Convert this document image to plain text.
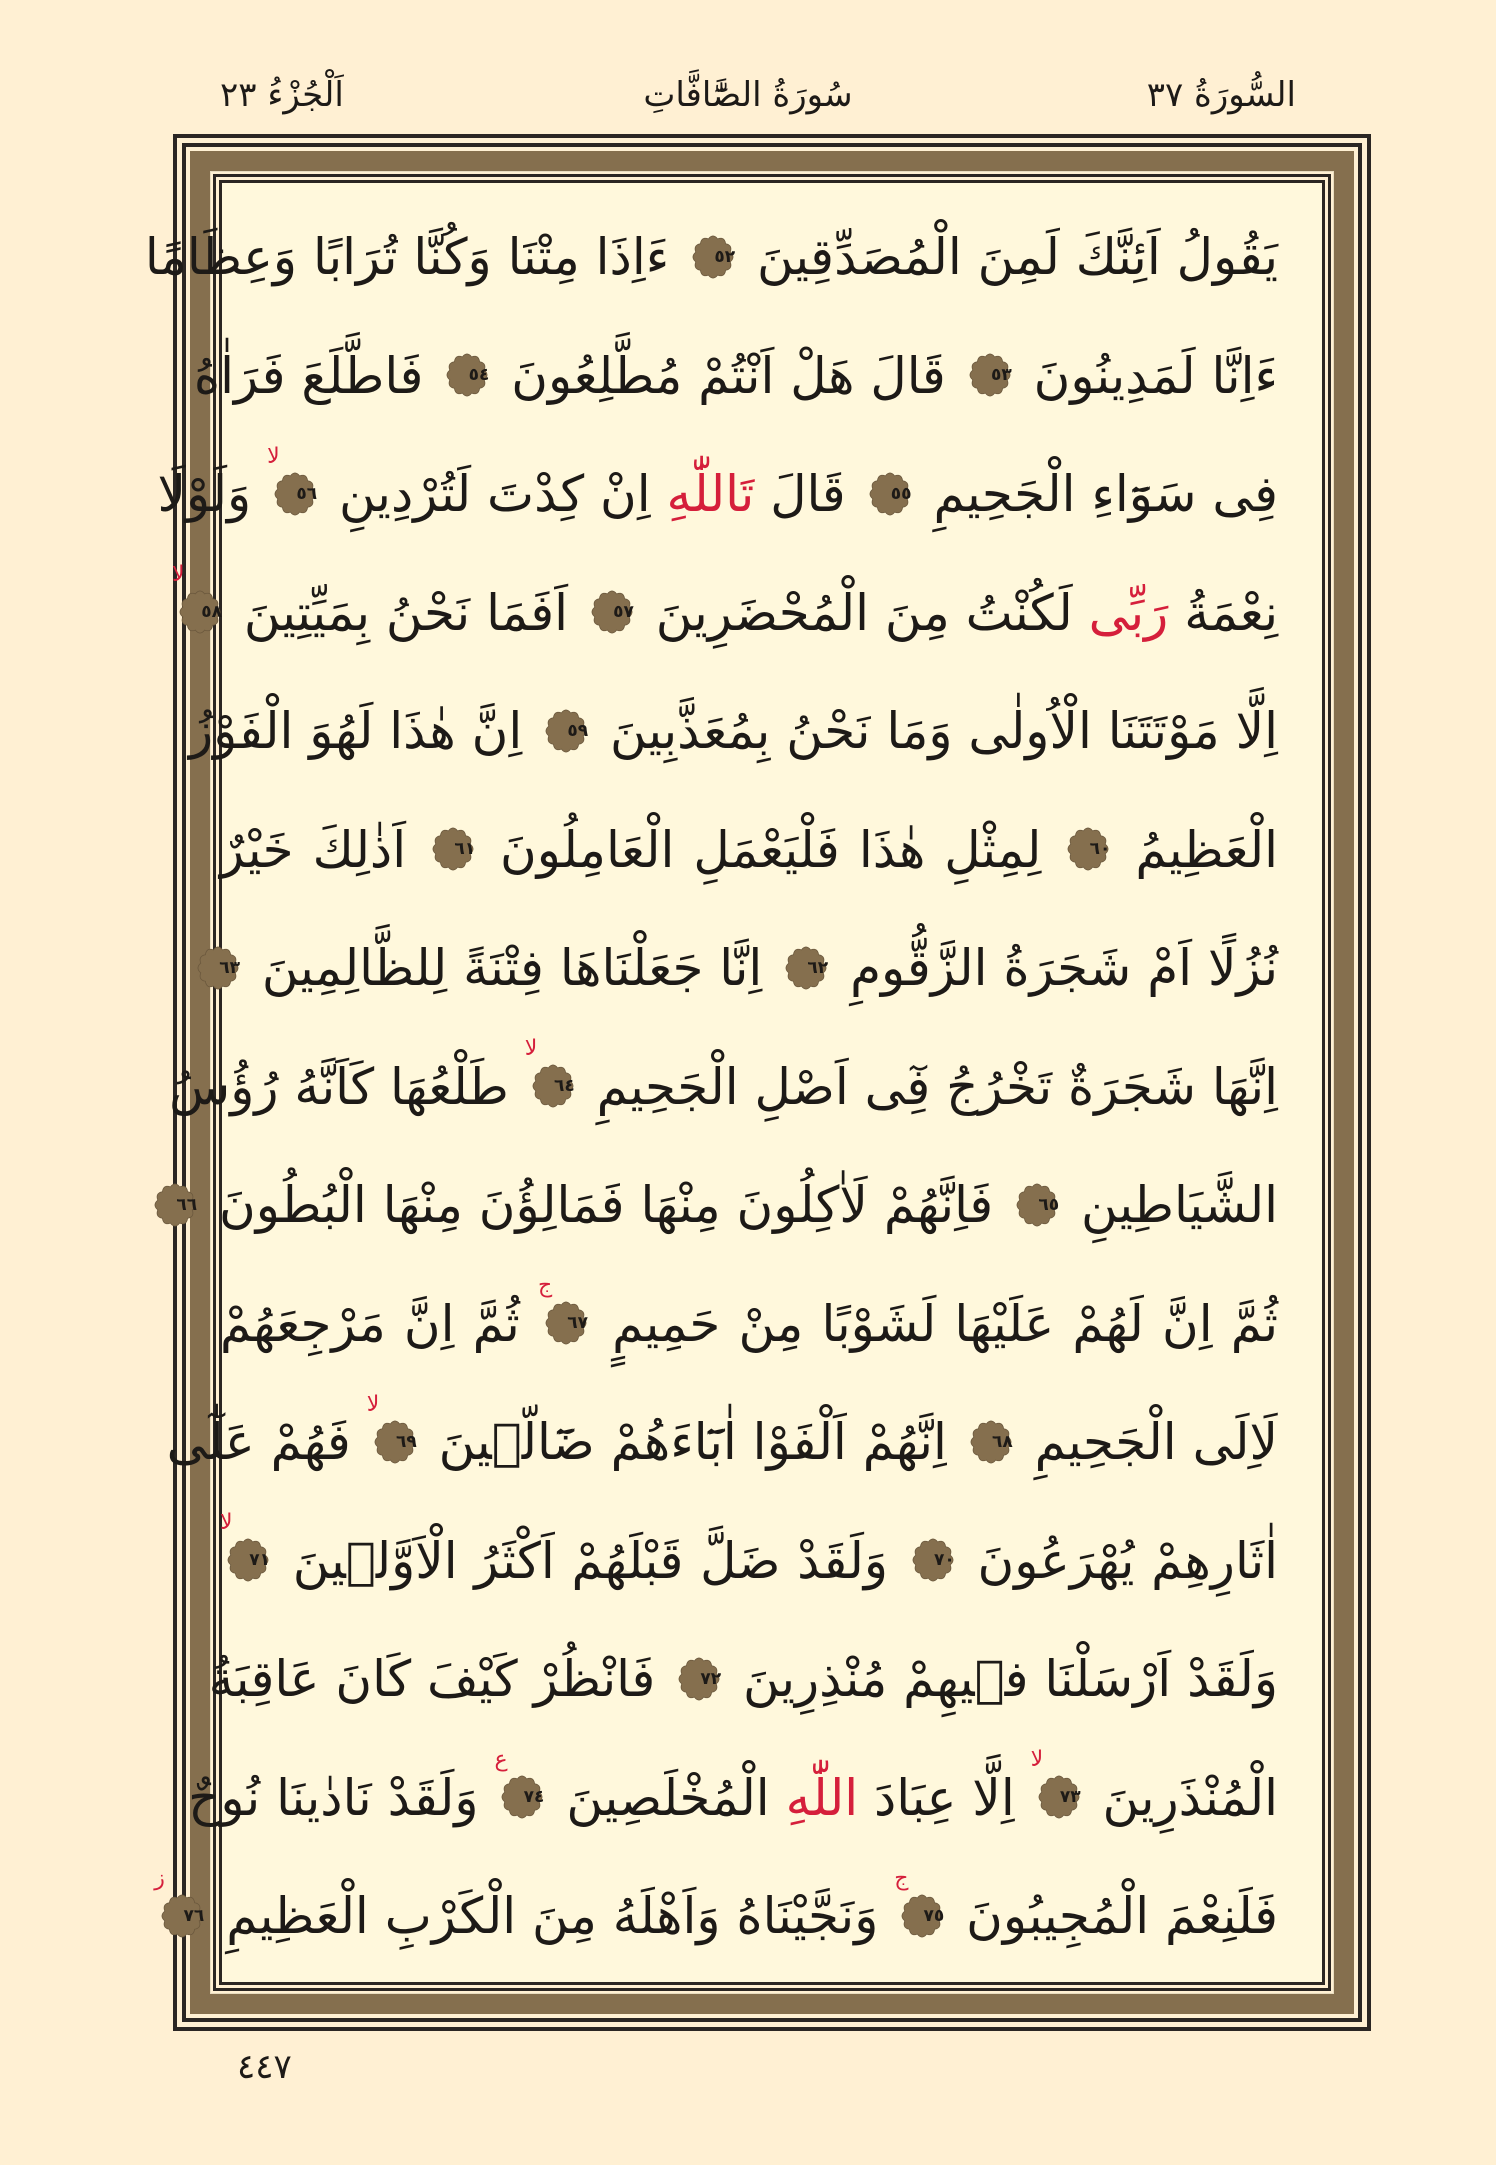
السُّورَةُ ٣٧
سُورَةُ الصَّٰٓافَّاتِ
اَلْجُزْءُ ٢٣
يَقُولُ اَئِنَّكَ لَمِنَ الْمُصَدِّقِينَ
٥٢
ءَاِذَا مِتْنَا وَكُنَّا تُرَابًا وَعِظَامًا
ءَاِنَّا لَمَدِينُونَ
٥٣
قَالَ هَلْ اَنْتُمْ مُطَّلِعُونَ
٥٤
فَاطَّلَعَ فَرَاٰهُ
فِى سَوَٓاءِ الْجَحِيمِ
٥٥
قَالَ تَاللّٰهِ اِنْ كِدْتَ لَتُرْدِينِ
٥٦
لا
وَلَوْلَا
نِعْمَةُ رَبِّى لَكُنْتُ مِنَ الْمُحْضَرِينَ
٥٧
اَفَمَا نَحْنُ بِمَيِّتِينَ
٥٨
لا
اِلَّا مَوْتَتَنَا الْاُولٰى وَمَا نَحْنُ بِمُعَذَّبِينَ
٥٩
اِنَّ هٰذَا لَهُوَ الْفَوْزُ
الْعَظِيمُ
٦٠
لِمِثْلِ هٰذَا فَلْيَعْمَلِ الْعَامِلُونَ
٦١
اَذٰلِكَ خَيْرٌ
نُزُلًا اَمْ شَجَرَةُ الزَّقُّومِ
٦٢
اِنَّا جَعَلْنَاهَا فِتْنَةً لِلظَّالِمِينَ
٦٣
اِنَّهَا شَجَرَةٌ تَخْرُجُ فِٓى اَصْلِ الْجَحِيمِ
٦٤
لا
طَلْعُهَا كَاَنَّهُ رُؤُسُ
الشَّيَاطِينِ
٦٥
فَاِنَّهُمْ لَاٰكِلُونَ مِنْهَا فَمَالِؤُنَ مِنْهَا الْبُطُونَ
٦٦
ثُمَّ اِنَّ لَهُمْ عَلَيْهَا لَشَوْبًا مِنْ حَمِيمٍ
٦٧
ج
ثُمَّ اِنَّ مَرْجِعَهُمْ
لَاِلَى الْجَحِيمِ
٦٨
اِنَّهُمْ اَلْفَوْا اٰبَٓاءَهُمْ ضَٓالّ۪ينَ
٦٩
لا
فَهُمْ عَلٰٓى
اٰثَارِهِمْ يُهْرَعُونَ
٧٠
وَلَقَدْ ضَلَّ قَبْلَهُمْ اَكْثَرُ الْاَوَّل۪ينَ
٧١
لا
وَلَقَدْ اَرْسَلْنَا ف۪يهِمْ مُنْذِرِينَ
٧٢
فَانْظُرْ كَيْفَ كَانَ عَاقِبَةُ
الْمُنْذَرِينَ
٧٣
لا
اِلَّا عِبَادَ اللّٰهِ الْمُخْلَصِينَ
٧٤
ع
وَلَقَدْ نَادٰينَا نُوحٌ
فَلَنِعْمَ الْمُجِيبُونَ
٧٥
ج
وَنَجَّيْنَاهُ وَاَهْلَهُ مِنَ الْكَرْبِ الْعَظِيمِ
٧٦
ز
٤٤٧
